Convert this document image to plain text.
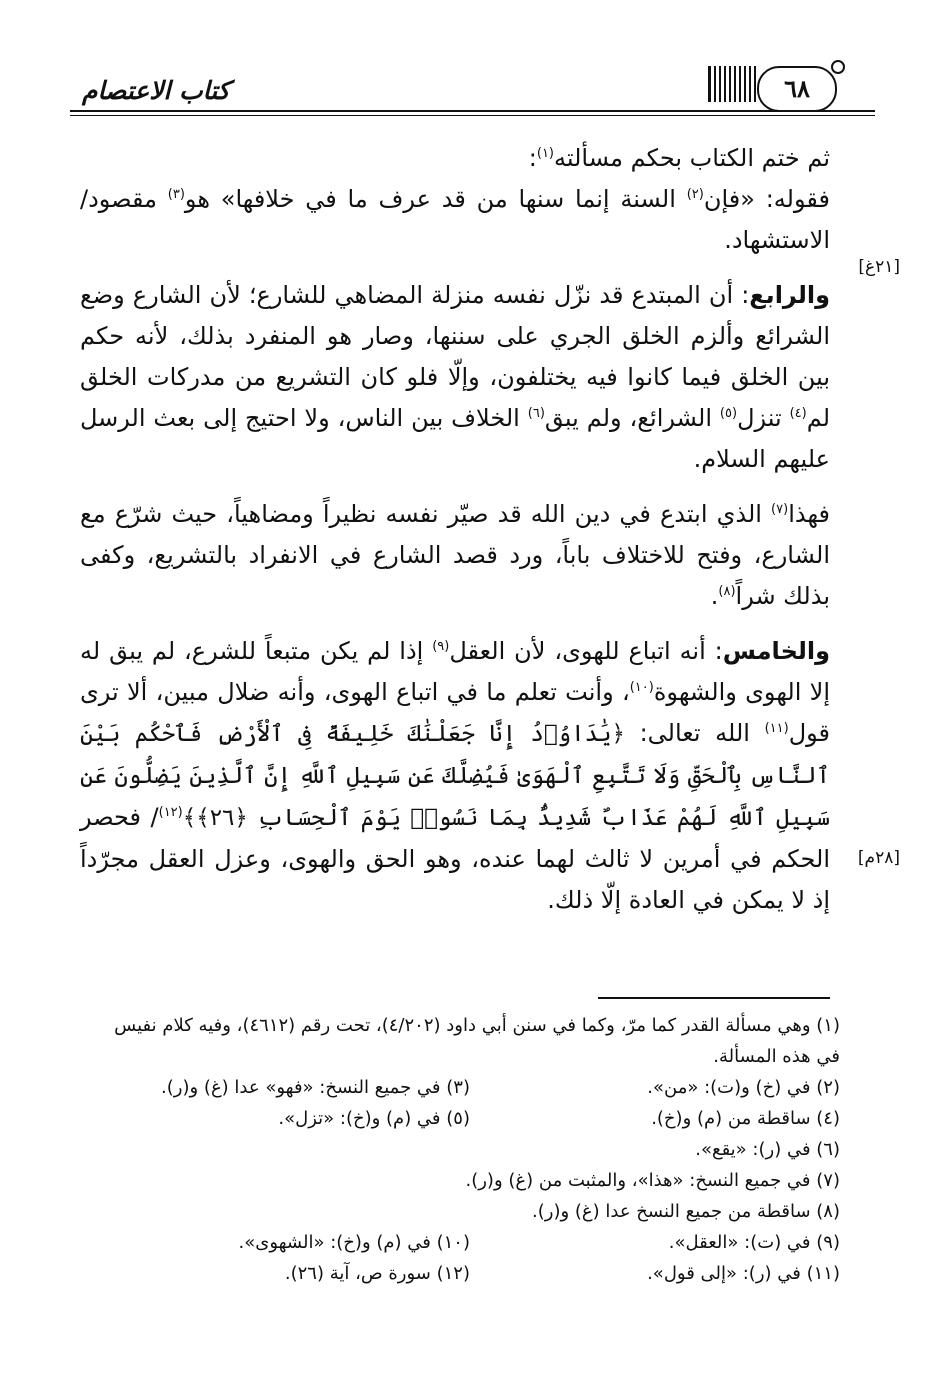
كتاب الاعتصام	٦٨
[٢١غ]
[٢٨م]

ثم ختم الكتاب بحكم مسألته$^{(١)}$:

فقوله: «فإن$^{(٢)}$ السنة إنما سنها من قد عرف ما في خلافها» هو$^{(٣)}$ مقصود/ الاستشهاد.

والرابع: أن المبتدع قد نزّل نفسه منزلة المضاهي للشارع؛ لأن الشارع وضع الشرائع وألزم الخلق الجري على سننها، وصار هو المنفرد بذلك، لأنه حكم بين الخلق فيما كانوا فيه يختلفون، وإلّا فلو كان التشريع من مدركات الخلق لم$^{(٤)}$ تنزل$^{(٥)}$ الشرائع، ولم يبق$^{(٦)}$ الخلاف بين الناس، ولا احتيج إلى بعث الرسل عليهم السلام.

فهذا$^{(٧)}$ الذي ابتدع في دين الله قد صيّر نفسه نظيراً ومضاهياً، حيث شرّع مع الشارع، وفتح للاختلاف باباً، ورد قصد الشارع في الانفراد بالتشريع، وكفى بذلك شراً$^{(٨)}$.

والخامس: أنه اتباع للهوى، لأن العقل$^{(٩)}$ إذا لم يكن متبعاً للشرع، لم يبق له إلا الهوى والشهوة$^{(١٠)}$، وأنت تعلم ما في اتباع الهوى، وأنه ضلال مبين، ألا ترى قول$^{(١١)}$ الله تعالى: ﴿يَٰدَاوُۥدُ إِنَّا جَعَلْنَٰكَ خَلِيفَةً فِى ٱلْأَرْضِ فَٱحْكُم بَيْنَ ٱلنَّاسِ بِٱلْحَقِّ وَلَا تَتَّبِعِ ٱلْهَوَىٰ فَيُضِلَّكَ عَن سَبِيلِ ٱللَّهِ إِنَّ ٱلَّذِينَ يَضِلُّونَ عَن سَبِيلِ ٱللَّهِ لَهُمْ عَذَابٌ شَدِيدٌۢ بِمَا نَسُوا۟ يَوْمَ ٱلْحِسَابِ ﴿٢٦﴾﴾$^{(١٢)}$/ فحصر الحكم في أمرين لا ثالث لهما عنده، وهو الحق والهوى، وعزل العقل مجرّداً إذ لا يمكن في العادة إلّا ذلك.

(١) وهي مسألة القدر كما مرّ، وكما في سنن أبي داود (٤/٢٠٢)، تحت رقم (٤٦١٢)، وفيه كلام نفيس في هذه المسألة.
(٢) في (خ) و(ت): «من».
(٣) في جميع النسخ: «فهو» عدا (غ) و(ر).
(٤) ساقطة من (م) و(خ).
(٥) في (م) و(خ): «تزل».
(٦) في (ر): «يقع».
(٧) في جميع النسخ: «هذا»، والمثبت من (غ) و(ر).
(٨) ساقطة من جميع النسخ عدا (غ) و(ر).
(٩) في (ت): «العقل».
(١٠) في (م) و(خ): «الشهوى».
(١١) في (ر): «إلى قول».
(١٢) سورة ص، آية (٢٦).
